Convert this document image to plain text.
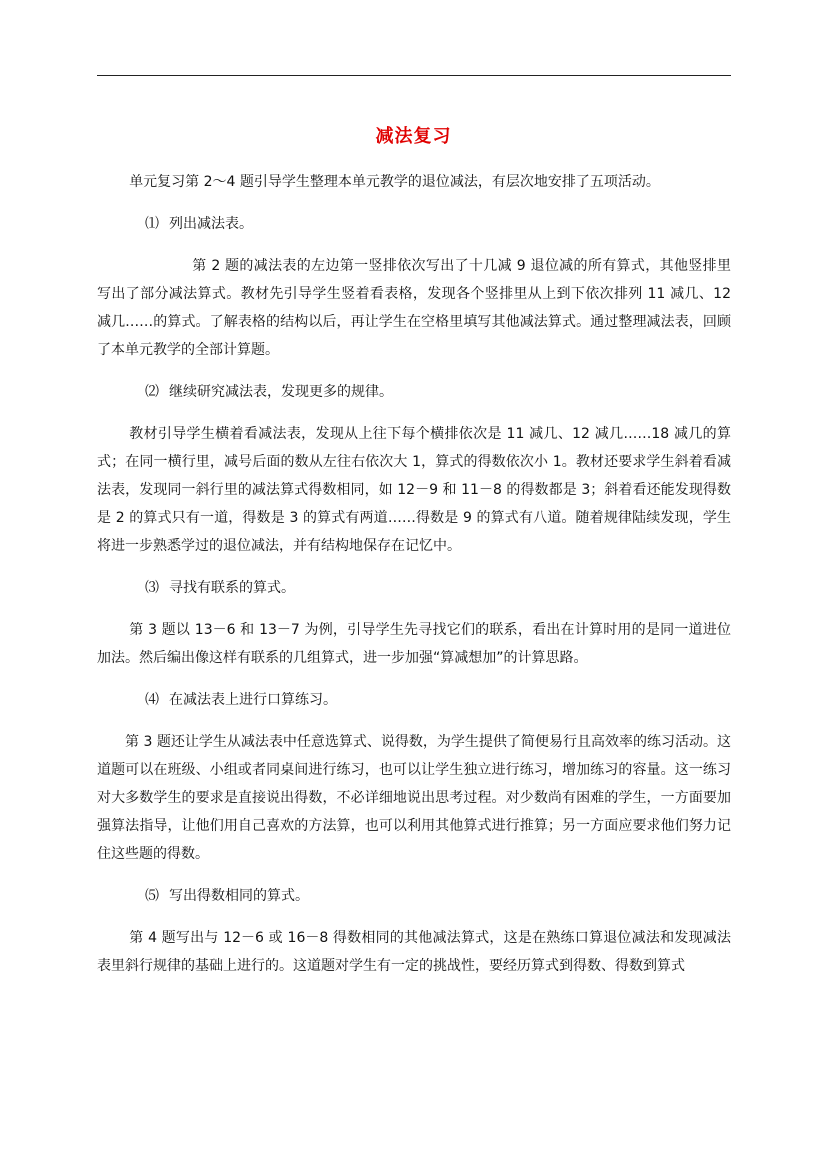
减法复习

单元复习第 2～4 题引导学生整理本单元教学的退位减法，有层次地安排了五项活动。

⑴ 列出减法表。

第 2 题的减法表的左边第一竖排依次写出了十几减 9 退位减的所有算式，其他竖排里写出了部分减法算式。教材先引导学生竖着看表格，发现各个竖排里从上到下依次排列 11 减几、12 减几……的算式。了解表格的结构以后，再让学生在空格里填写其他减法算式。通过整理减法表，回顾了本单元教学的全部计算题。

⑵ 继续研究减法表，发现更多的规律。

教材引导学生横着看减法表，发现从上往下每个横排依次是 11 减几、12 减几……18 减几的算式；在同一横行里，减号后面的数从左往右依次大 1，算式的得数依次小 1。教材还要求学生斜着看减法表，发现同一斜行里的减法算式得数相同，如 12－9 和 11－8 的得数都是 3；斜着看还能发现得数是 2 的算式只有一道，得数是 3 的算式有两道……得数是 9 的算式有八道。随着规律陆续发现，学生将进一步熟悉学过的退位减法，并有结构地保存在记忆中。

⑶ 寻找有联系的算式。

第 3 题以 13－6 和 13－7 为例，引导学生先寻找它们的联系，看出在计算时用的是同一道进位加法。然后编出像这样有联系的几组算式，进一步加强“算减想加”的计算思路。

⑷ 在减法表上进行口算练习。

第 3 题还让学生从减法表中任意选算式、说得数，为学生提供了简便易行且高效率的练习活动。这道题可以在班级、小组或者同桌间进行练习，也可以让学生独立进行练习，增加练习的容量。这一练习对大多数学生的要求是直接说出得数，不必详细地说出思考过程。对少数尚有困难的学生，一方面要加强算法指导，让他们用自己喜欢的方法算，也可以利用其他算式进行推算；另一方面应要求他们努力记住这些题的得数。

⑸ 写出得数相同的算式。

第 4 题写出与 12－6 或 16－8 得数相同的其他减法算式，这是在熟练口算退位减法和发现减法表里斜行规律的基础上进行的。这道题对学生有一定的挑战性，要经历算式到得数、得数到算式
